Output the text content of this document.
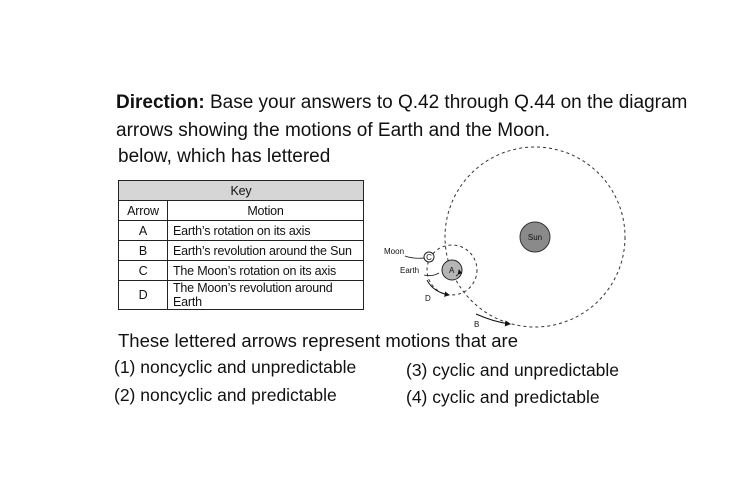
Direction: Base your answers to Q.42 through Q.44 on the diagram
arrows showing the motions of Earth and the Moon.
below, which has lettered
Key	
Arrow	Motion
A	Earth’s rotation on its axis
B	Earth’s revolution around the Sun
C	The Moon’s rotation on its axis
D	The Moon’s revolution around Earth
Sun
A
C
Moon
Earth
D
B
These lettered arrows represent motions that are
(1) noncyclic and unpredictable
(2) noncyclic and predictable
(3) cyclic and unpredictable
(4) cyclic and predictable
